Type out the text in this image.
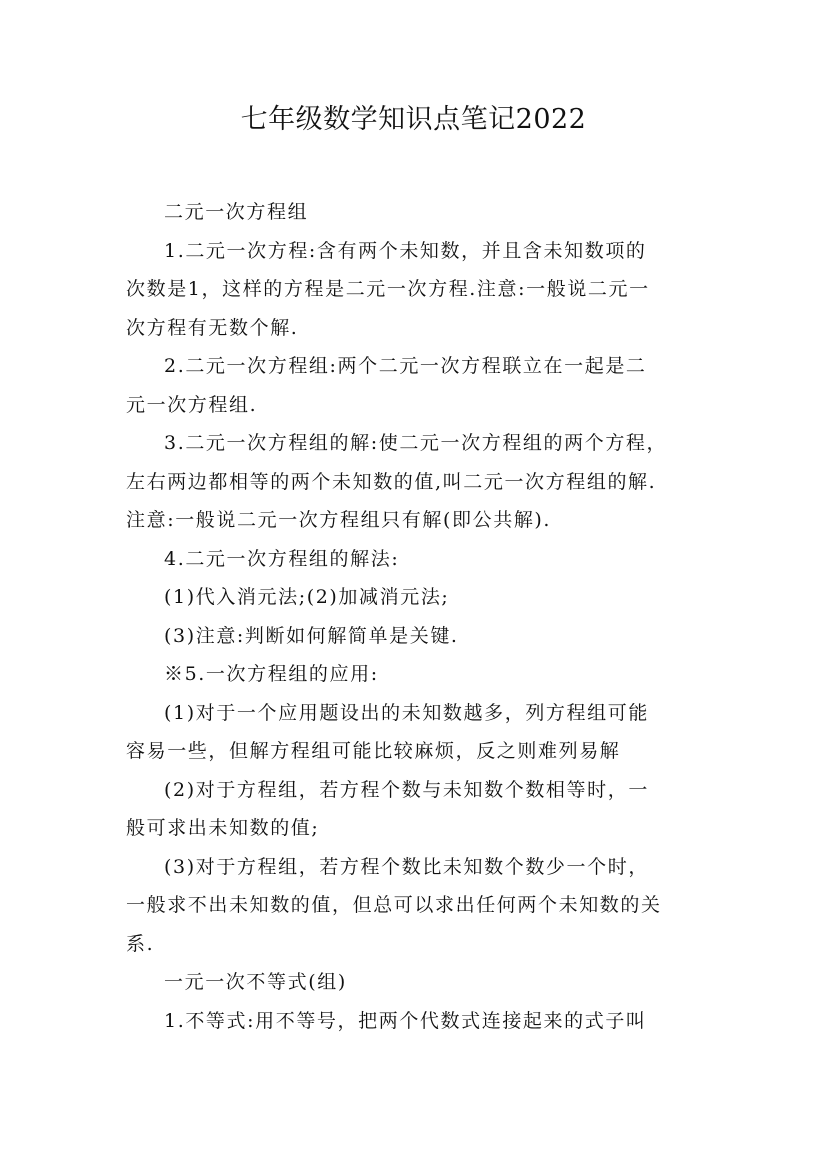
七年级数学知识点笔记2022

二元一次方程组

1.二元一次方程:含有两个未知数，并且含未知数项的

次数是1，这样的方程是二元一次方程.注意:一般说二元一

次方程有无数个解.

2.二元一次方程组:两个二元一次方程联立在一起是二

元一次方程组.

3.二元一次方程组的解:使二元一次方程组的两个方程，

左右两边都相等的两个未知数的值,叫二元一次方程组的解.

注意:一般说二元一次方程组只有解(即公共解).

4.二元一次方程组的解法:

(1)代入消元法;(2)加减消元法;

(3)注意:判断如何解简单是关键.

※5.一次方程组的应用:

(1)对于一个应用题设出的未知数越多，列方程组可能

容易一些，但解方程组可能比较麻烦，反之则难列易解

(2)对于方程组，若方程个数与未知数个数相等时，一

般可求出未知数的值;

(3)对于方程组，若方程个数比未知数个数少一个时，

一般求不出未知数的值，但总可以求出任何两个未知数的关

系.

一元一次不等式(组)

1.不等式:用不等号，把两个代数式连接起来的式子叫
